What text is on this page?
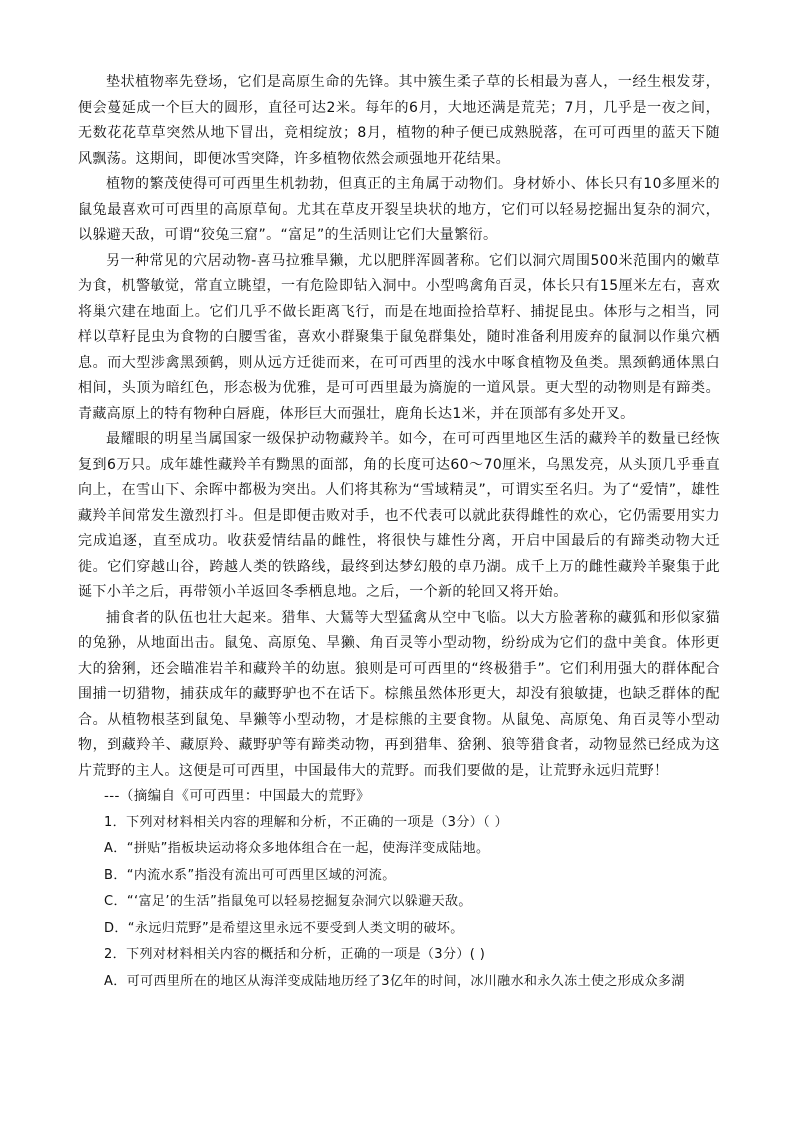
垫状植物率先登场，它们是高原生命的先锋。其中簇生柔子草的长相最为喜人，一经生根发芽，便会蔓延成一个巨大的圆形，直径可达2米。每年的6月，大地还满是荒芜；7月，几乎是一夜之间，无数花花草草突然从地下冒出，竞相绽放；8月，植物的种子便已成熟脱落，在可可西里的蓝天下随风飘荡。这期间，即便冰雪突降，许多植物依然会顽强地开花结果。

植物的繁茂使得可可西里生机勃勃，但真正的主角属于动物们。身材娇小、体长只有10多厘米的鼠兔最喜欢可可西里的高原草甸。尤其在草皮开裂呈块状的地方，它们可以轻易挖掘出复杂的洞穴，以躲避天敌，可谓“狡兔三窟”。“富足”的生活则让它们大量繁衍。

另一种常见的穴居动物-喜马拉雅旱獭，尤以肥胖浑圆著称。它们以洞穴周围500米范围内的嫩草为食，机警敏觉，常直立眺望，一有危险即钻入洞中。小型鸣禽角百灵，体长只有15厘米左右，喜欢将巢穴建在地面上。它们几乎不做长距离飞行，而是在地面捡拾草籽、捕捉昆虫。体形与之相当，同样以草籽昆虫为食物的白腰雪雀，喜欢小群聚集于鼠兔群集处，随时准备利用废弃的鼠洞以作巢穴栖息。而大型涉禽黑颈鹤，则从远方迁徙而来，在可可西里的浅水中啄食植物及鱼类。黑颈鹤通体黑白相间，头顶为暗红色，形态极为优雅，是可可西里最为旖旎的一道风景。更大型的动物则是有蹄类。青藏高原上的特有物种白唇鹿，体形巨大而强壮，鹿角长达1米，并在顶部有多处开叉。

最耀眼的明星当属国家一级保护动物藏羚羊。如今，在可可西里地区生活的藏羚羊的数量已经恢复到6万只。成年雄性藏羚羊有黝黑的面部，角的长度可达60～70厘米，乌黑发亮，从头顶几乎垂直向上，在雪山下、余晖中都极为突出。人们将其称为“雪域精灵”，可谓实至名归。为了“爱情”，雄性藏羚羊间常发生激烈打斗。但是即便击败对手，也不代表可以就此获得雌性的欢心，它仍需要用实力完成追逐，直至成功。收获爱情结晶的雌性，将很快与雄性分离，开启中国最后的有蹄类动物大迁徙。它们穿越山谷，跨越人类的铁路线，最终到达梦幻般的卓乃湖。成千上万的雌性藏羚羊聚集于此诞下小羊之后，再带领小羊返回冬季栖息地。之后，一个新的轮回又将开始。

捕食者的队伍也壮大起来。猎隼、大鵟等大型猛禽从空中飞临。以大方脸著称的藏狐和形似家猫的兔狲，从地面出击。鼠兔、高原兔、旱獭、角百灵等小型动物，纷纷成为它们的盘中美食。体形更大的猞猁，还会瞄准岩羊和藏羚羊的幼崽。狼则是可可西里的“终极猎手”。它们利用强大的群体配合围捕一切猎物，捕获成年的藏野驴也不在话下。棕熊虽然体形更大，却没有狼敏捷，也缺乏群体的配合。从植物根茎到鼠兔、旱獭等小型动物，才是棕熊的主要食物。从鼠兔、高原兔、角百灵等小型动物，到藏羚羊、藏原羚、藏野驴等有蹄类动物，再到猎隼、猞猁、狼等猎食者，动物显然已经成为这片荒野的主人。这便是可可西里，中国最伟大的荒野。而我们要做的是，让荒野永远归荒野！

---（摘编自《可可西里：中国最大的荒野》

1．下列对材料相关内容的理解和分析，不正确的一项是（3分）（ ）

A．“拼贴”指板块运动将众多地体组合在一起，使海洋变成陆地。

B．“内流水系”指没有流出可可西里区域的河流。

C．“‘富足’的生活”指鼠兔可以轻易挖掘复杂洞穴以躲避天敌。

D．“永远归荒野”是希望这里永远不要受到人类文明的破坏。

2．下列对材料相关内容的概括和分析，正确的一项是（3分）( )

A．可可西里所在的地区从海洋变成陆地历经了3亿年的时间，冰川融水和永久冻土使之形成众多湖
